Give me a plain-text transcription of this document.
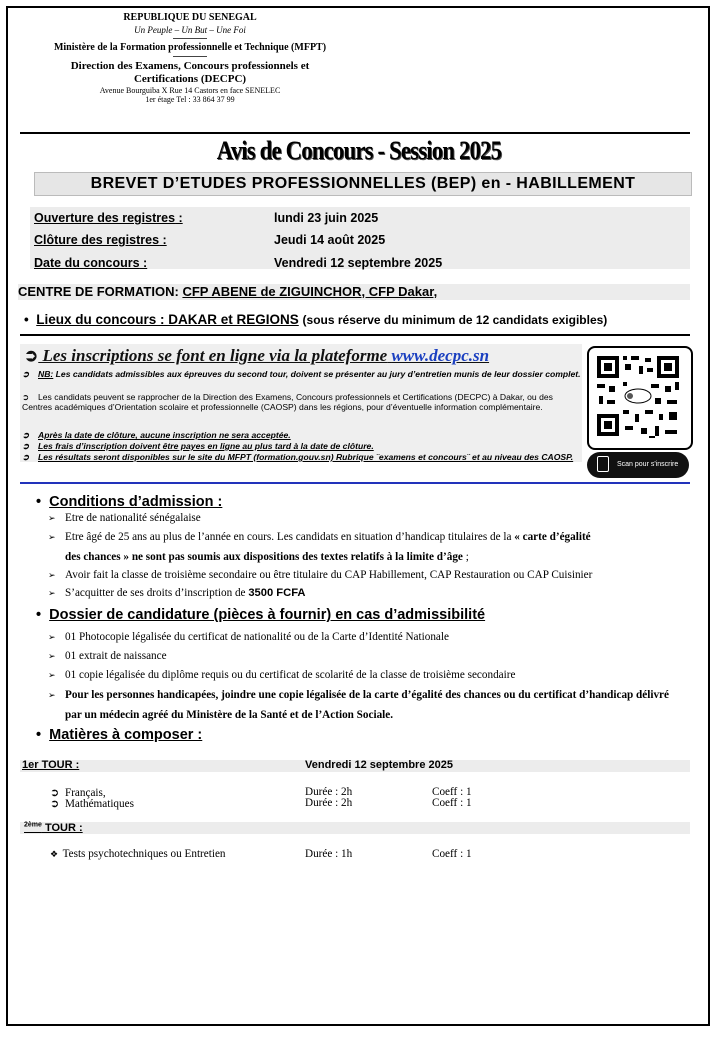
REPUBLIQUE DU SENEGAL
Un Peuple – Un But – Une Foi
Ministère de la Formation professionnelle et Technique (MFPT)
Direction des Examens, Concours professionnels et Certifications (DECPC)
Avenue Bourguiba X Rue 14 Castors en face SENELEC
1er étage Tel : 33 864 37 99
Avis de Concours - Session 2025
BREVET D’ETUDES PROFESSIONNELLES (BEP) en - HABILLEMENT
Ouverture des registres :	lundi 23 juin 2025
Clôture des registres :	Jeudi 14 août 2025
Date du concours :	Vendredi 12 septembre 2025
CENTRE DE FORMATION: CFP ABENE de ZIGUINCHOR, CFP Dakar,
•  Lieux du concours : DAKAR et REGIONS (sous réserve du minimum de 12 candidats exigibles)
➲ Les inscriptions se font en ligne via la plateforme www.decpc.sn
➲ NB: Les candidats admissibles aux épreuves du second tour, doivent se présenter au jury d’entretien munis de leur dossier complet.
➲ Les candidats peuvent se rapprocher de la Direction des Examens, Concours professionnels et Certifications (DECPC) à Dakar, ou des Centres académiques d’Orientation scolaire et professionnelle (CAOSP) dans les régions, pour d’éventuelle information complémentaire.
➲ Après la date de clôture, aucune inscription ne sera acceptée.
➲ Les frais d’inscription doivent être payes en ligne au plus tard à la date de clôture.
➲ Les résultats seront disponibles sur le site du MFPT (formation.gouv.sn) Rubrique ¨examens et concours¨ et au niveau des CAOSP.
Scan pour s'inscrire
•  Conditions d’admission :
➢ Etre de nationalité sénégalaise
➢ Etre âgé de 25 ans au plus de l’année en cours. Les candidats en situation d’handicap titulaires de la « carte d’égalité
des chances » ne sont pas soumis aux dispositions des textes relatifs à la limite d’âge ;
➢ Avoir fait la classe de troisième secondaire ou être titulaire du CAP Habillement, CAP Restauration ou CAP Cuisinier
➢ S’acquitter de ses droits d’inscription de 3500 FCFA
•  Dossier de candidature (pièces à fournir) en cas d’admissibilité
➢ 01 Photocopie légalisée du certificat de nationalité ou de la Carte d’Identité Nationale
➢ 01 extrait de naissance
➢ 01 copie légalisée du diplôme requis ou du certificat de scolarité de la classe de troisième secondaire
➢ Pour les personnes handicapées, joindre une copie légalisée de la carte d’égalité des chances ou du certificat d’handicap délivré par un médecin agréé du Ministère de la Santé et de l’Action Sociale.
•  Matières à composer :
1er TOUR :	Vendredi 12 septembre 2025
➲  Français,	Durée : 2h	Coeff : 1
➲  Mathématiques	Durée : 2h	Coeff : 1
$^{2ème}$ TOUR :
❖  Tests psychotechniques ou Entretien	Durée : 1h	Coeff : 1
